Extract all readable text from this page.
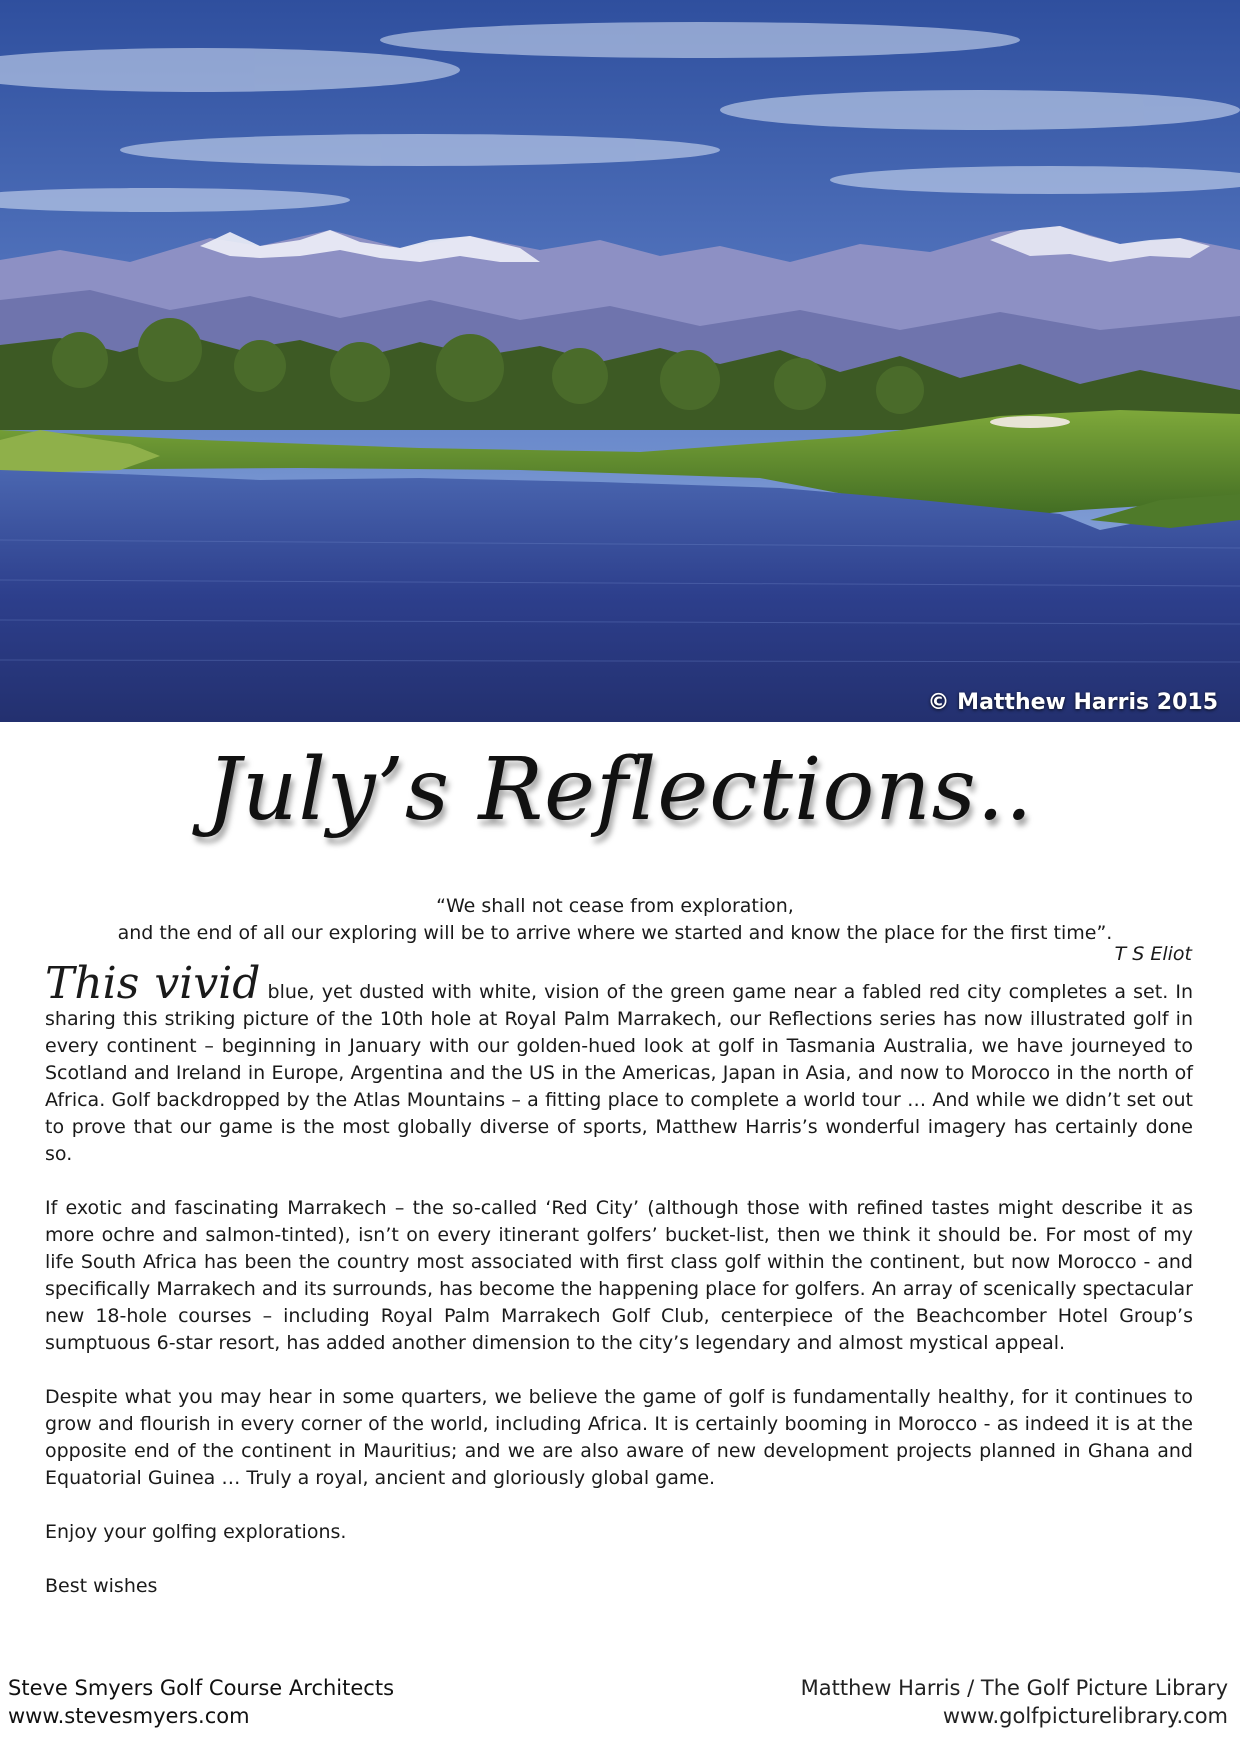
© Matthew Harris 2015
July’s Reflections..
“We shall not cease from exploration,
and the end of all our exploring will be to arrive where we started and know the place for the first time”.
T S Eliot

This vivid blue, yet dusted with white, vision of the green game near a fabled red city completes a set. In sharing this striking picture of the 10th hole at Royal Palm Marrakech, our Reflections series has now illustrated golf in every continent – beginning in January with our golden-hued look at golf in Tasmania Australia, we have journeyed to Scotland and Ireland in Europe, Argentina and the US in the Americas, Japan in Asia, and now to Morocco in the north of Africa. Golf backdropped by the Atlas Mountains – a fitting place to complete a world tour … And while we didn’t set out to prove that our game is the most globally diverse of sports, Matthew Harris’s wonderful imagery has certainly done so.

If exotic and fascinating Marrakech – the so-called ‘Red City’ (although those with refined tastes might describe it as more ochre and salmon-tinted), isn’t on every itinerant golfers’ bucket-list, then we think it should be. For most of my life South Africa has been the country most associated with first class golf within the continent, but now Morocco - and specifically Marrakech and its surrounds, has become the happening place for golfers. An array of scenically spectacular new 18-hole courses – including Royal Palm Marrakech Golf Club, centerpiece of the Beachcomber Hotel Group’s sumptuous 6-star resort, has added another dimension to the city’s legendary and almost mystical appeal.

Despite what you may hear in some quarters, we believe the game of golf is fundamentally healthy, for it continues to grow and flourish in every corner of the world, including Africa. It is certainly booming in Morocco - as indeed it is at the opposite end of the continent in Mauritius; and we are also aware of new development projects planned in Ghana and Equatorial Guinea … Truly a royal, ancient and gloriously global game.

Enjoy your golfing explorations.

Best wishes

Steve Smyers Golf Course Architects
www.stevesmyers.com
Matthew Harris / The Golf Picture Library
www.golfpicturelibrary.com
